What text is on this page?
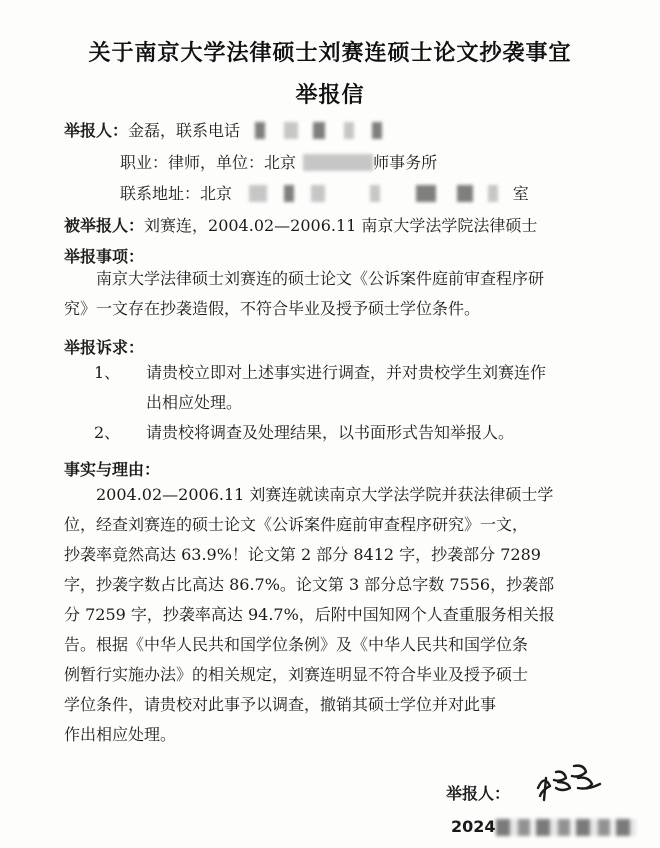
关于南京大学法律硕士刘赛连硕士论文抄袭事宜
举报信
举报人：金磊，联系电话
职业：律师，单位：北京	师事务所
联系地址：北京	室
被举报人：刘赛连，2004.02—2006.11 南京大学法学院法律硕士
举报事项：
南京大学法律硕士刘赛连的硕士论文《公诉案件庭前审查程序研
究》一文存在抄袭造假，不符合毕业及授予硕士学位条件。
举报诉求：
1、 请贵校立即对上述事实进行调查，并对贵校学生刘赛连作
出相应处理。
2、 请贵校将调查及处理结果，以书面形式告知举报人。
事实与理由：
2004.02—2006.11 刘赛连就读南京大学法学院并获法律硕士学
位，经查刘赛连的硕士论文《公诉案件庭前审查程序研究》一文，
抄袭率竟然高达 63.9%！论文第 2 部分 8412 字，抄袭部分 7289
字，抄袭字数占比高达 86.7%。论文第 3 部分总字数 7556，抄袭部
分 7259 字，抄袭率高达 94.7%，后附中国知网个人查重服务相关报
告。根据《中华人民共和国学位条例》及《中华人民共和国学位条
例暂行实施办法》的相关规定，刘赛连明显不符合毕业及授予硕士
学位条件，请贵校对此事予以调查，撤销其硕士学位并对此事
作出相应处理。
举报人：
2024
